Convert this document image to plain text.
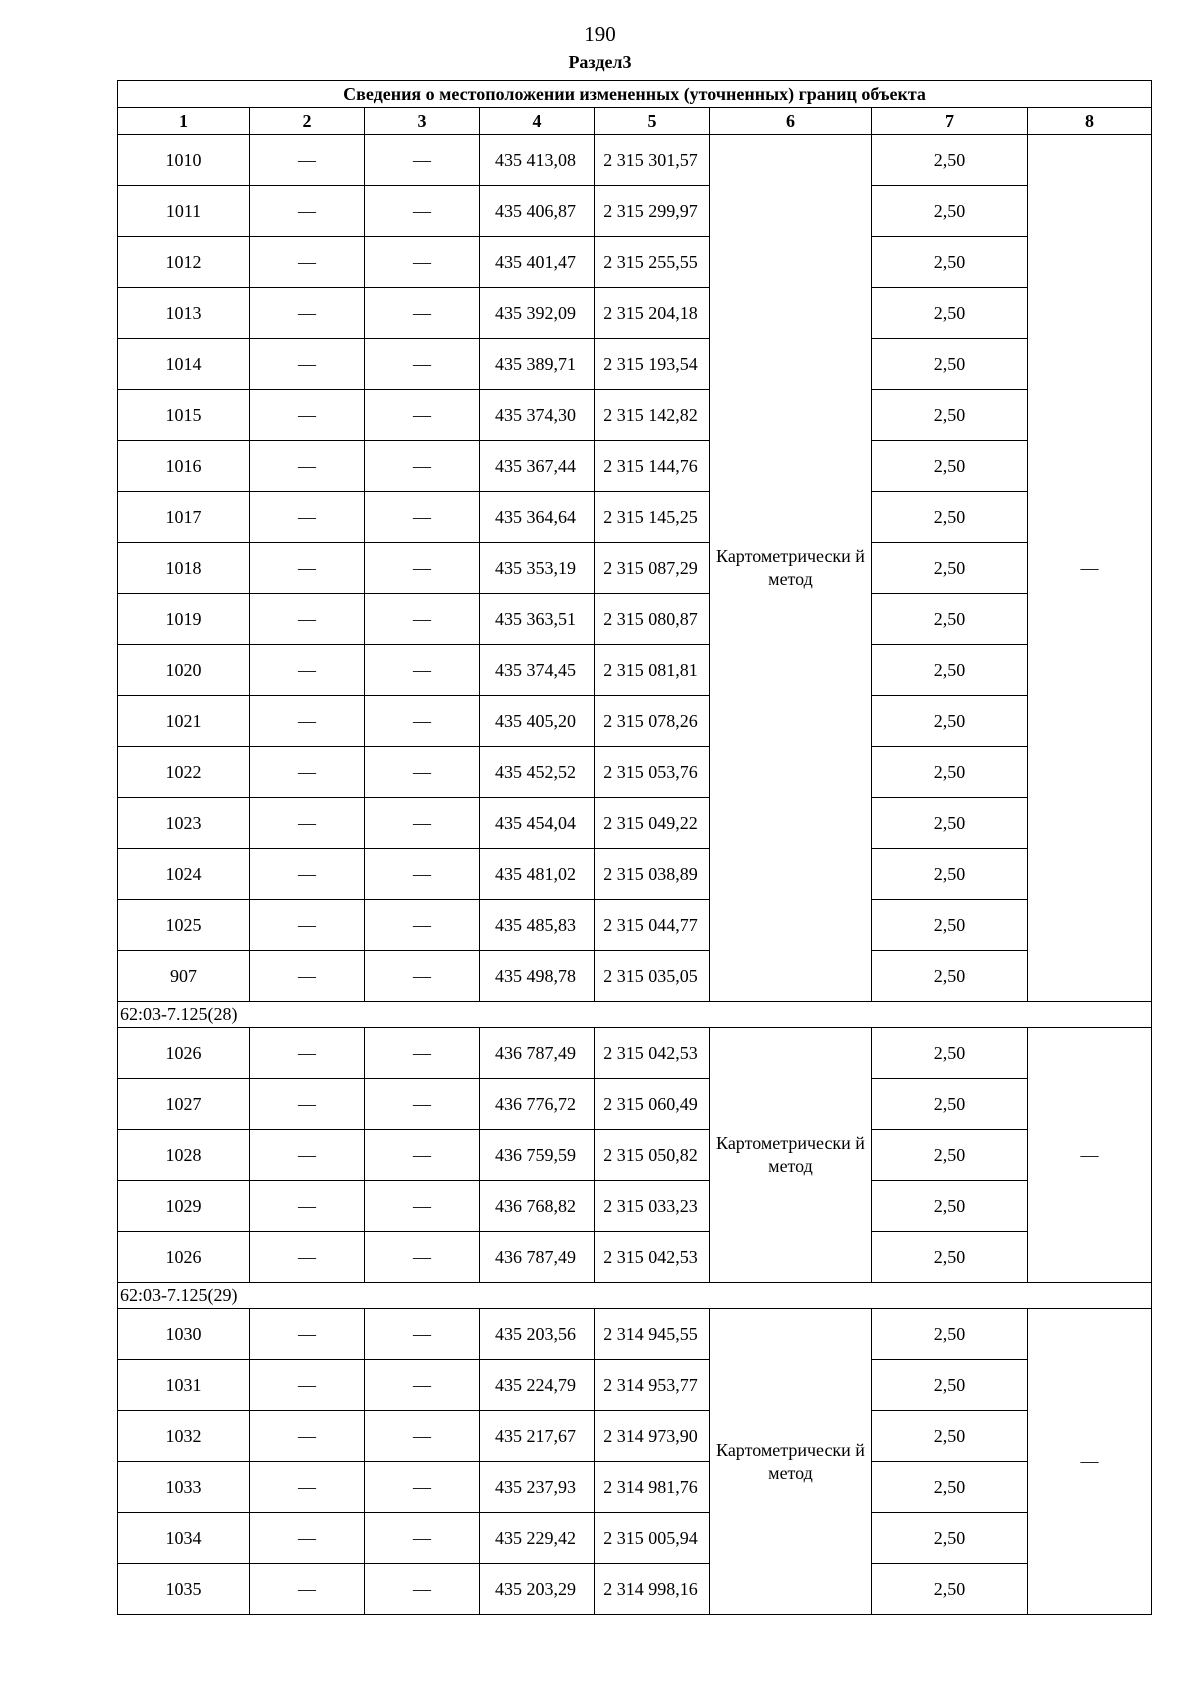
190
Раздел3
Сведения о местоположении измененных (уточненных) границ объекта							
1	2	3	4	5	6	7	8
1010	—	—	435 413,08	2 315 301,57	Картометрически й метод	2,50	—
1011	—	—	435 406,87	2 315 299,97		2,50	
1012	—	—	435 401,47	2 315 255,55		2,50	
1013	—	—	435 392,09	2 315 204,18		2,50	
1014	—	—	435 389,71	2 315 193,54		2,50	
1015	—	—	435 374,30	2 315 142,82		2,50	
1016	—	—	435 367,44	2 315 144,76		2,50	
1017	—	—	435 364,64	2 315 145,25		2,50	
1018	—	—	435 353,19	2 315 087,29		2,50	
1019	—	—	435 363,51	2 315 080,87		2,50	
1020	—	—	435 374,45	2 315 081,81		2,50	
1021	—	—	435 405,20	2 315 078,26		2,50	
1022	—	—	435 452,52	2 315 053,76		2,50	
1023	—	—	435 454,04	2 315 049,22		2,50	
1024	—	—	435 481,02	2 315 038,89		2,50	
1025	—	—	435 485,83	2 315 044,77		2,50	
907	—	—	435 498,78	2 315 035,05		2,50	
62:03-7.125(28)							
1026	—	—	436 787,49	2 315 042,53	Картометрически й метод	2,50	—
1027	—	—	436 776,72	2 315 060,49		2,50	
1028	—	—	436 759,59	2 315 050,82		2,50	
1029	—	—	436 768,82	2 315 033,23		2,50	
1026	—	—	436 787,49	2 315 042,53		2,50	
62:03-7.125(29)							
1030	—	—	435 203,56	2 314 945,55	Картометрически й метод	2,50	—
1031	—	—	435 224,79	2 314 953,77		2,50	
1032	—	—	435 217,67	2 314 973,90		2,50	
1033	—	—	435 237,93	2 314 981,76		2,50	
1034	—	—	435 229,42	2 315 005,94		2,50	
1035	—	—	435 203,29	2 314 998,16		2,50	
